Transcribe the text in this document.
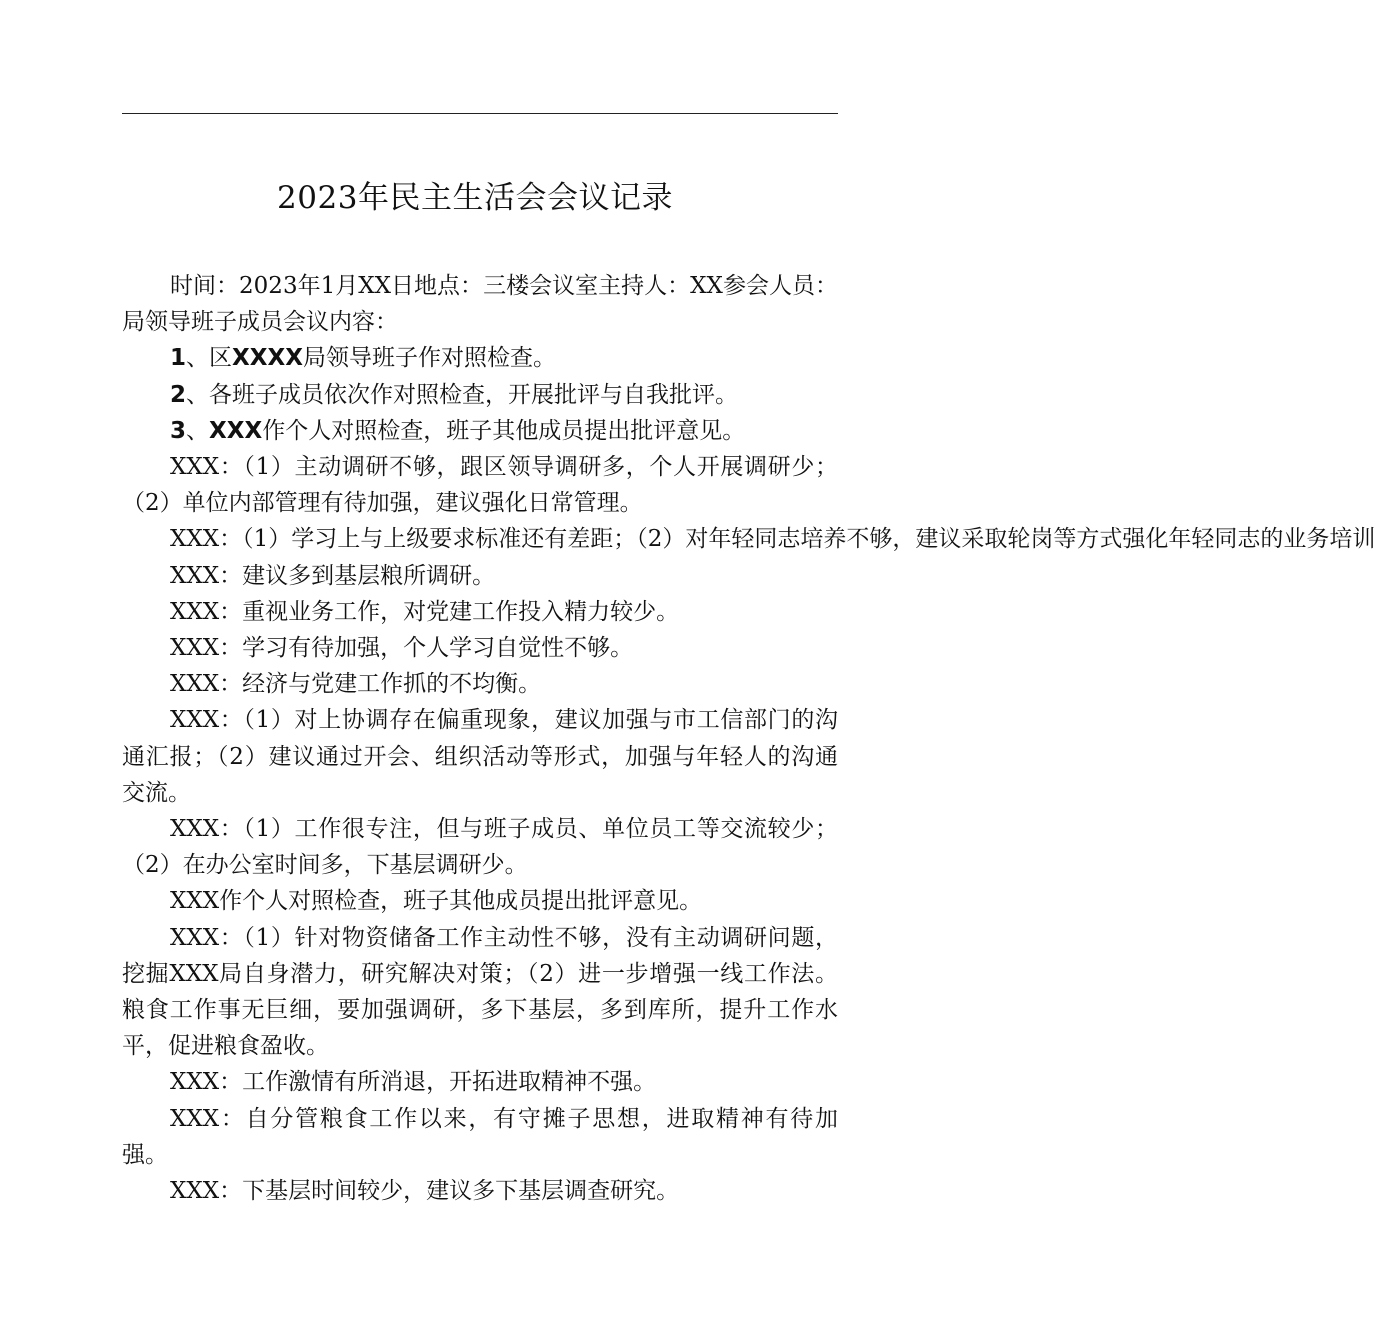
2023年民主生活会会议记录

时间：2023年1月XX日地点：三楼会议室主持人：XX参会人员：局领导班子成员会议内容：

1、区XXXX局领导班子作对照检查。

2、各班子成员依次作对照检查，开展批评与自我批评。

3、XXX作个人对照检查，班子其他成员提出批评意见。

XXX：（1）主动调研不够，跟区领导调研多，个人开展调研少；（2）单位内部管理有待加强，建议强化日常管理。

XXX：（1）学习上与上级要求标准还有差距；（2）对年轻同志培养不够，建议采取轮岗等方式强化年轻同志的业务培训

XXX：建议多到基层粮所调研。

XXX：重视业务工作，对党建工作投入精力较少。

XXX：学习有待加强，个人学习自觉性不够。

XXX：经济与党建工作抓的不均衡。

XXX：（1）对上协调存在偏重现象，建议加强与市工信部门的沟通汇报；（2）建议通过开会、组织活动等形式，加强与年轻人的沟通交流。

XXX：（1）工作很专注，但与班子成员、单位员工等交流较少；（2）在办公室时间多，下基层调研少。

XXX作个人对照检查，班子其他成员提出批评意见。

XXX：（1）针对物资储备工作主动性不够，没有主动调研问题，挖掘XXX局自身潜力，研究解决对策；（2）进一步增强一线工作法。粮食工作事无巨细，要加强调研，多下基层，多到库所，提升工作水平，促进粮食盈收。

XXX：工作激情有所消退，开拓进取精神不强。

XXX：自分管粮食工作以来，有守摊子思想，进取精神有待加强。

XXX：下基层时间较少，建议多下基层调查研究。
